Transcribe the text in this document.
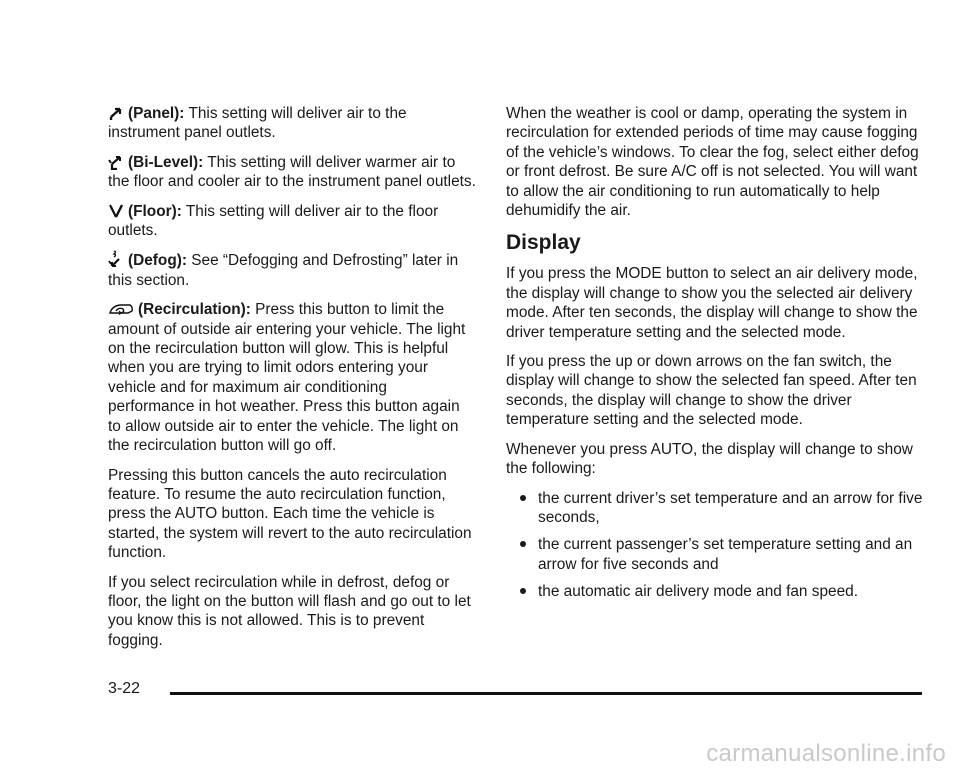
(Panel): This setting will deliver air to the instrument panel outlets.

(Bi-Level): This setting will deliver warmer air to the floor and cooler air to the instrument panel outlets.

(Floor): This setting will deliver air to the floor outlets.

(Defog): See “Defogging and Defrosting” later in this section.

(Recirculation): Press this button to limit the amount of outside air entering your vehicle. The light on the recirculation button will glow. This is helpful when you are trying to limit odors entering your vehicle and for maximum air conditioning performance in hot weather. Press this button again to allow outside air to enter the vehicle. The light on the recirculation button will go off.

Pressing this button cancels the auto recirculation feature. To resume the auto recirculation function, press the AUTO button. Each time the vehicle is started, the system will revert to the auto recirculation function.

If you select recirculation while in defrost, defog or floor, the light on the button will flash and go out to let you know this is not allowed. This is to prevent fogging.

When the weather is cool or damp, operating the system in recirculation for extended periods of time may cause fogging of the vehicle’s windows. To clear the fog, select either defog or front defrost. Be sure A/C off is not selected. You will want to allow the air conditioning to run automatically to help dehumidify the air.

Display

If you press the MODE button to select an air delivery mode, the display will change to show you the selected air delivery mode. After ten seconds, the display will change to show the driver temperature setting and the selected mode.

If you press the up or down arrows on the fan switch, the display will change to show the selected fan speed. After ten seconds, the display will change to show the driver temperature setting and the selected mode.

Whenever you press AUTO, the display will change to show the following:

the current driver’s set temperature and an arrow for five seconds,
the current passenger’s set temperature setting and an arrow for five seconds and
the automatic air delivery mode and fan speed.
3-22
carmanualsonline.info
